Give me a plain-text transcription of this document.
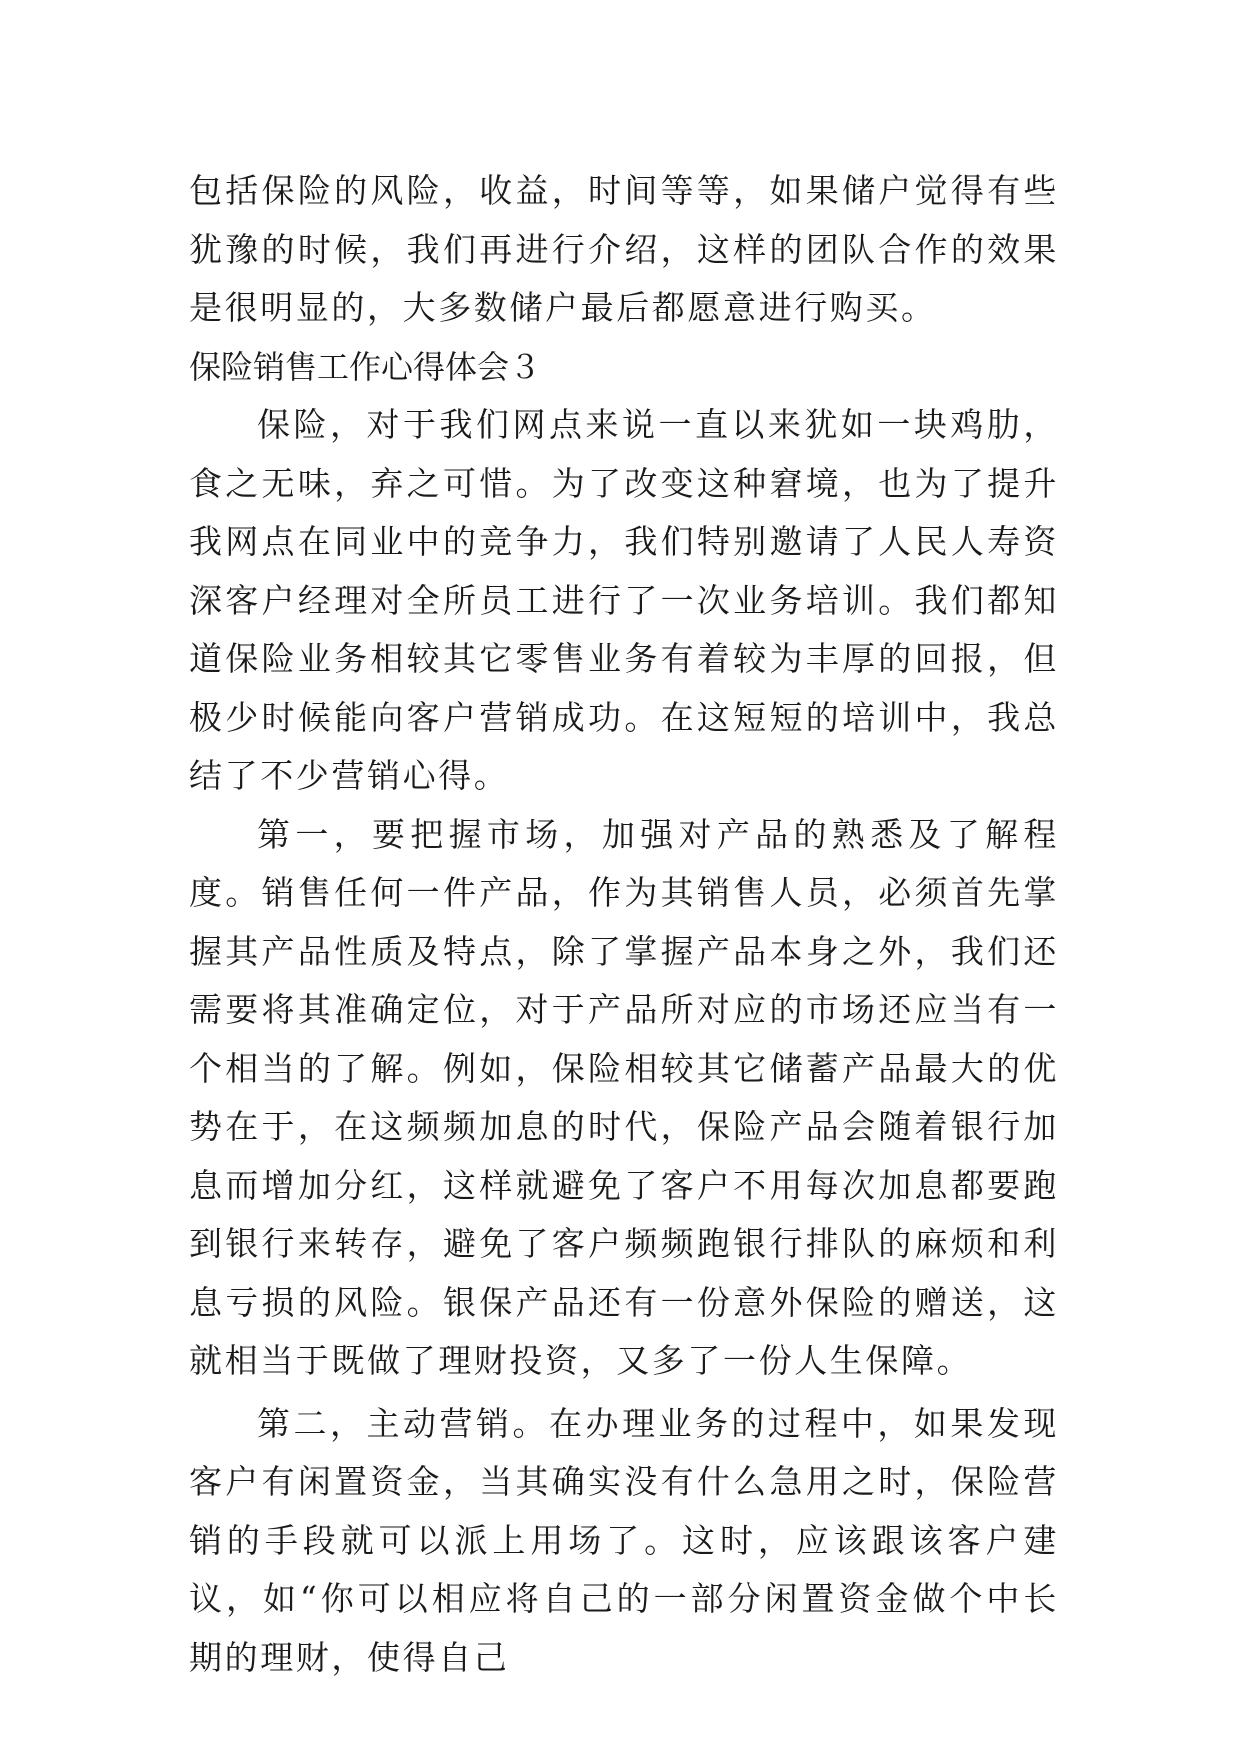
包括保险的风险，收益，时间等等，如果储户觉得有些犹豫的时候，我们再进行介绍，这样的团队合作的效果是很明显的，大多数储户最后都愿意进行购买。

保险销售工作心得体会３

保险，对于我们网点来说一直以来犹如一块鸡肋，食之无味，弃之可惜。为了改变这种窘境，也为了提升我网点在同业中的竞争力，我们特别邀请了人民人寿资深客户经理对全所员工进行了一次业务培训。我们都知道保险业务相较其它零售业务有着较为丰厚的回报，但极少时候能向客户营销成功。在这短短的培训中，我总结了不少营销心得。

第一，要把握市场，加强对产品的熟悉及了解程度。销售任何一件产品，作为其销售人员，必须首先掌握其产品性质及特点，除了掌握产品本身之外，我们还需要将其准确定位，对于产品所对应的市场还应当有一个相当的了解。例如，保险相较其它储蓄产品最大的优势在于，在这频频加息的时代，保险产品会随着银行加息而增加分红，这样就避免了客户不用每次加息都要跑到银行来转存，避免了客户频频跑银行排队的麻烦和利息亏损的风险。银保产品还有一份意外保险的赠送，这就相当于既做了理财投资，又多了一份人生保障。

第二，主动营销。在办理业务的过程中，如果发现客户有闲置资金，当其确实没有什么急用之时，保险营销的手段就可以派上用场了。这时，应该跟该客户建议，如“你可以相应将自己的一部分闲置资金做个中长期的理财，使得自己
